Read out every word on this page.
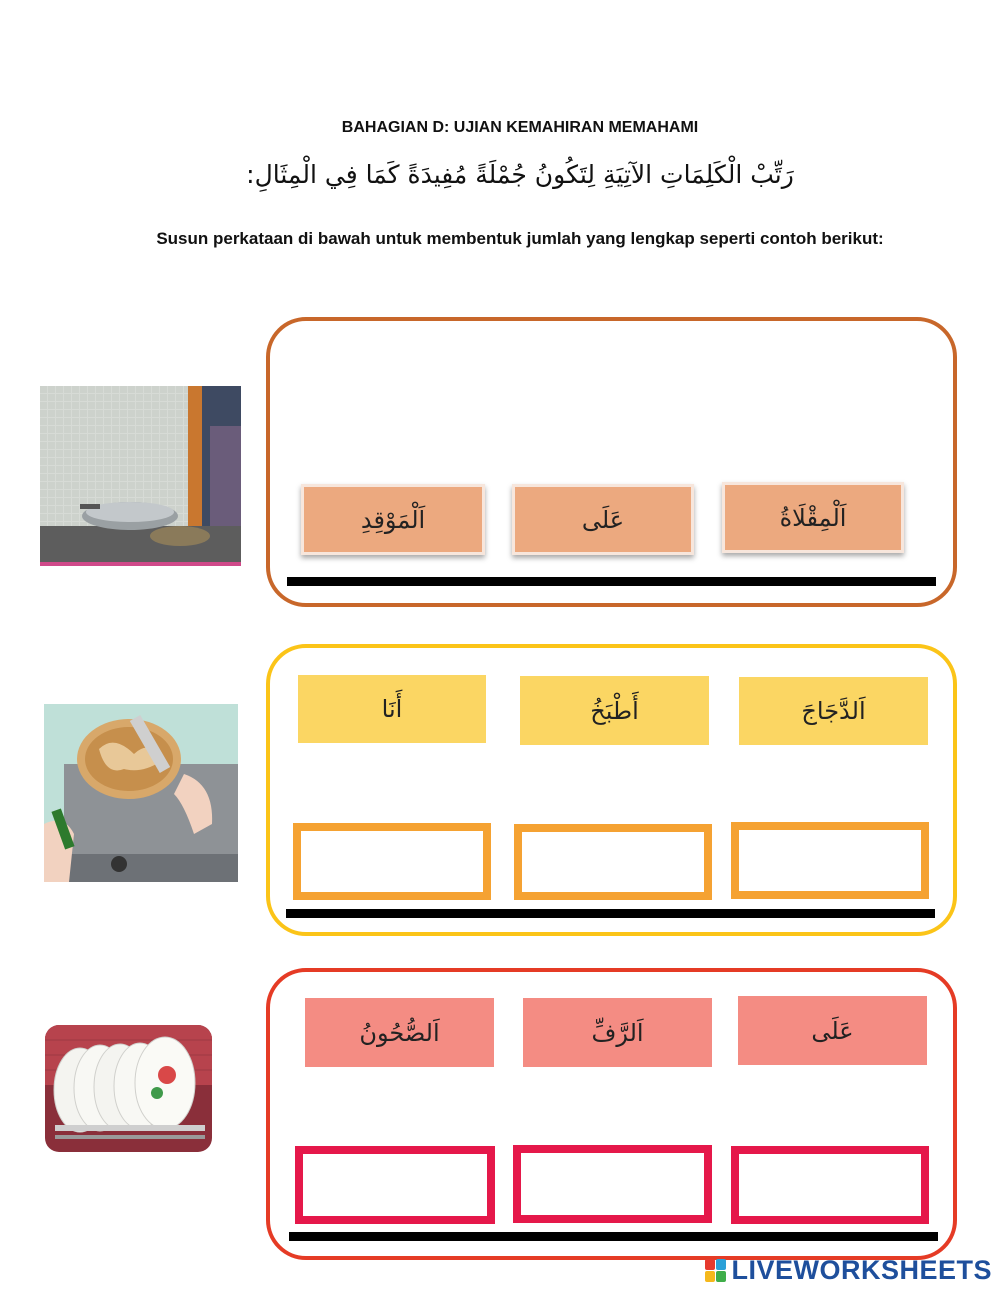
BAHAGIAN D: UJIAN KEMAHIRAN MEMAHAMI
رَتِّبْ الْكَلِمَاتِ الآتِيَةِ لِتَكُونُ جُمْلَةً مُفِيدَةً كَمَا فِي الْمِثَالِ:
Susun perkataan di bawah untuk membentuk jumlah yang lengkap seperti contoh berikut:
اَلْمِقْلَاةُ
عَلَى
اَلْمَوْقِدِ
اَلدَّجَاجَ
أَطْبَخُ
أَنَا
عَلَى
اَلرَّفِّ
اَلصُّحُونُ
LIVEWORKSHEETS
